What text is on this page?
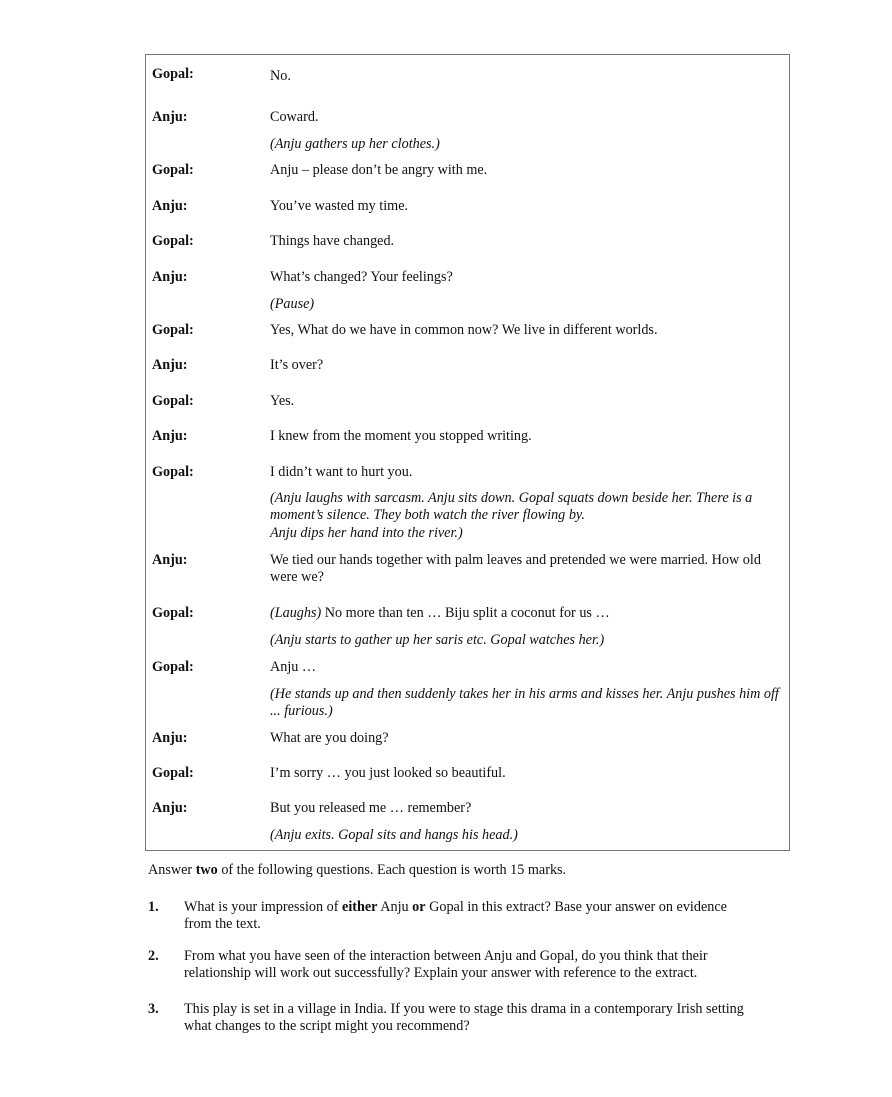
Gopal:	No.
Anju:	Coward.
(Anju gathers up her clothes.)
Gopal:	Anju – please don’t be angry with me.
Anju:	You’ve wasted my time.
Gopal:	Things have changed.
Anju:	What’s changed? Your feelings?
(Pause)
Gopal:	Yes, What do we have in common now? We live in different worlds.
Anju:	It’s over?
Gopal:	Yes.
Anju:	I knew from the moment you stopped writing.
Gopal:	I didn’t want to hurt you.
(Anju laughs with sarcasm. Anju sits down. Gopal squats down beside her. There is a moment’s silence. They both watch the river flowing by.
Anju dips her hand into the river.)
Anju:	We tied our hands together with palm leaves and pretended we were married. How old were we?
Gopal:	(Laughs) No more than ten … Biju split a coconut for us …
(Anju starts to gather up her saris etc. Gopal watches her.)
Gopal:	Anju …
(He stands up and then suddenly takes her in his arms and kisses her. Anju pushes him off ... furious.)
Anju:	What are you doing?
Gopal:	I’m sorry … you just looked so beautiful.
Anju:	But you released me … remember?
(Anju exits. Gopal sits and hangs his head.)
Answer two of the following questions. Each question is worth 15 marks.
1. What is your impression of either Anju or Gopal in this extract? Base your answer on evidence from the text.
2. From what you have seen of the interaction between Anju and Gopal, do you think that their relationship will work out successfully? Explain your answer with reference to the extract.
3. This play is set in a village in India. If you were to stage this drama in a contemporary Irish setting what changes to the script might you recommend?
